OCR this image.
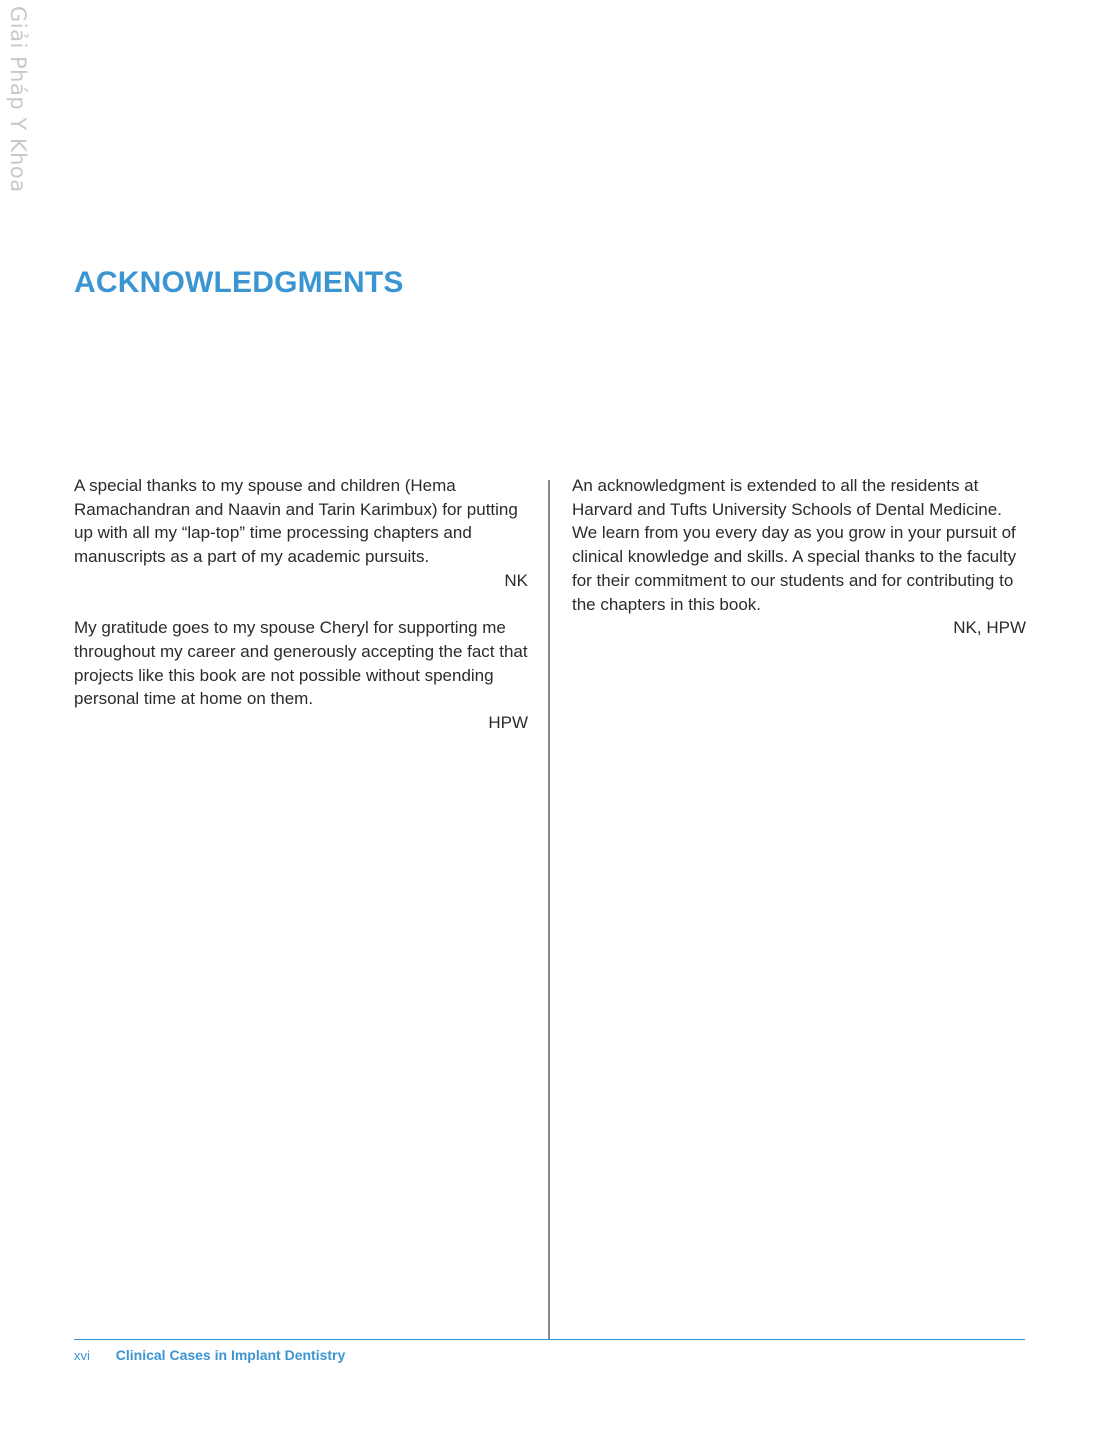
Giải Pháp Y Khoa
ACKNOWLEDGMENTS

A special thanks to my spouse and children (Hema Ramachandran and Naavin and Tarin Karimbux) for putting up with all my “lap-top” time processing chapters and manuscripts as a part of my academic pursuits.

NK

My gratitude goes to my spouse Cheryl for supporting me throughout my career and generously accepting the fact that projects like this book are not possible without spending personal time at home on them.

HPW

An acknowledgment is extended to all the residents at Harvard and Tufts University Schools of Dental Medicine. We learn from you every day as you grow in your pursuit of clinical knowledge and skills. A special thanks to the faculty for their commitment to our students and for contributing to the chapters in this book.

NK, HPW

xvi Clinical Cases in Implant Dentistry
